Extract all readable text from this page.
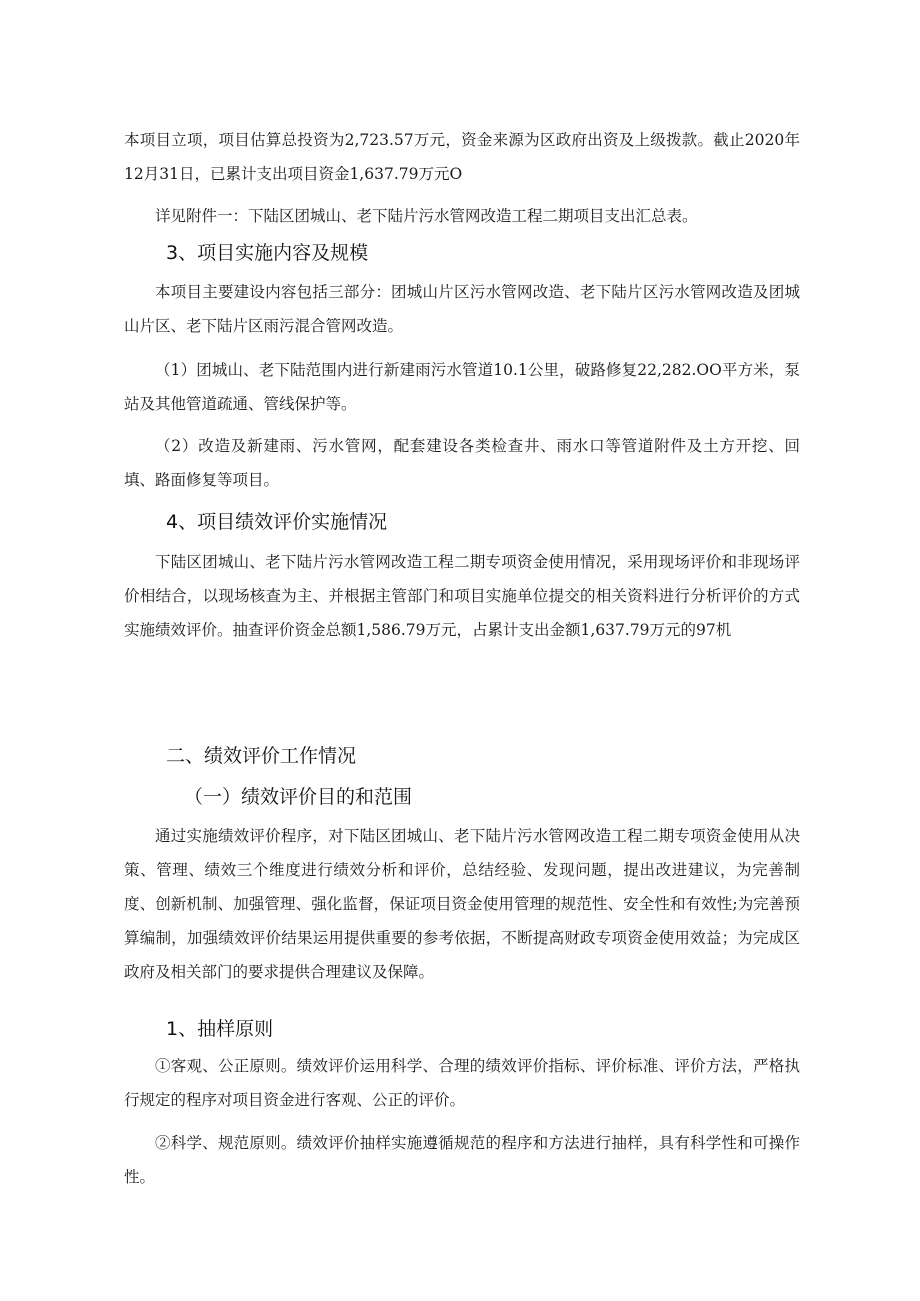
本项目立项，项目估算总投资为2,723.57万元，资金来源为区政府出资及上级拨款。截止2020年12月31日，已累计支出项目资金1,637.79万元O

详见附件一：下陆区团城山、老下陆片污水管网改造工程二期项目支出汇总表。

3、项目实施内容及规模

本项目主要建设内容包括三部分：团城山片区污水管网改造、老下陆片区污水管网改造及团城山片区、老下陆片区雨污混合管网改造。

（1）团城山、老下陆范围内进行新建雨污水管道10.1公里，破路修复22,282.OO平方米，泵站及其他管道疏通、管线保护等。

（2）改造及新建雨、污水管网，配套建设各类检查井、雨水口等管道附件及土方开挖、回填、路面修复等项目。

4、项目绩效评价实施情况

下陆区团城山、老下陆片污水管网改造工程二期专项资金使用情况，采用现场评价和非现场评价相结合，以现场核查为主、并根据主管部门和项目实施单位提交的相关资料进行分析评价的方式实施绩效评价。抽查评价资金总额1,586.79万元，占累计支出金额1,637.79万元的97机

二、绩效评价工作情况
（一）绩效评价目的和范围

通过实施绩效评价程序，对下陆区团城山、老下陆片污水管网改造工程二期专项资金使用从决策、管理、绩效三个维度进行绩效分析和评价，总结经验、发现问题，提出改进建议，为完善制度、创新机制、加强管理、强化监督，保证项目资金使用管理的规范性、安全性和有效性;为完善预算编制，加强绩效评价结果运用提供重要的参考依据，不断提高财政专项资金使用效益；为完成区政府及相关部门的要求提供合理建议及保障。

1、抽样原则

①客观、公正原则。绩效评价运用科学、合理的绩效评价指标、评价标准、评价方法，严格执行规定的程序对项目资金进行客观、公正的评价。

②科学、规范原则。绩效评价抽样实施遵循规范的程序和方法进行抽样，具有科学性和可操作性。
